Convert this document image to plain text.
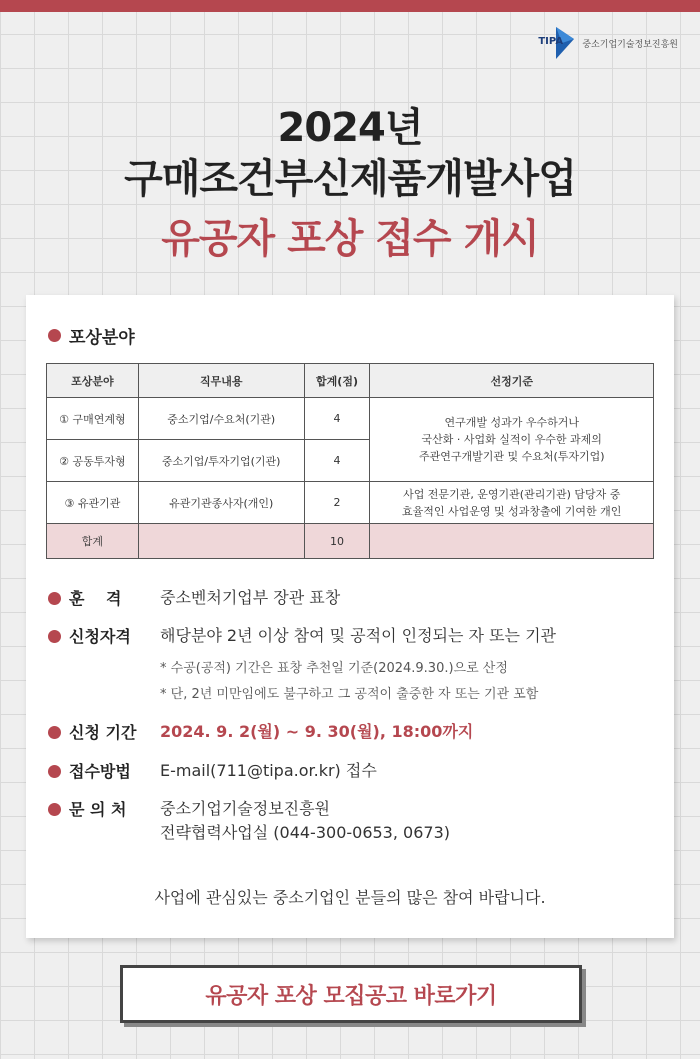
TIPA 중소기업기술정보진흥원
2024년
구매조건부신제품개발사업
유공자 포상 접수 개시
포상분야
포상분야	직무내용	합계(점)	선정기준
① 구매연계형	중소기업/수요처(기관)	4	연구개발 성과가 우수하거나
국산화 · 사업화 실적이 우수한 과제의
주관연구개발기관 및 수요처(투자기업)

② 공동투자형	중소기업/투자기업(기관)	4	
③ 유관기관	유관기관종사자(개인)	2	사업 전문기관, 운영기관(관리기관) 담당자 중
효율적인 사업운영 및 성과창출에 기여한 개인

합계		10	
훈 격 중소벤처기업부 장관 표창
신청자격 해당분야 2년 이상 참여 및 공적이 인정되는 자 또는 기관
* 수공(공적) 기간은 표창 추천일 기준(2024.9.30.)으로 산정
* 단, 2년 미만임에도 불구하고 그 공적이 출중한 자 또는 기관 포함
신청 기간 2024. 9. 2(월) ~ 9. 30(월), 18:00까지
접수방법 E-mail(711@tipa.or.kr) 접수
문 의 처 중소기업기술정보진흥원
전략협력사업실 (044-300-0653, 0673)
사업에 관심있는 중소기업인 분들의 많은 참여 바랍니다.
유공자 포상 모집공고 바로가기
